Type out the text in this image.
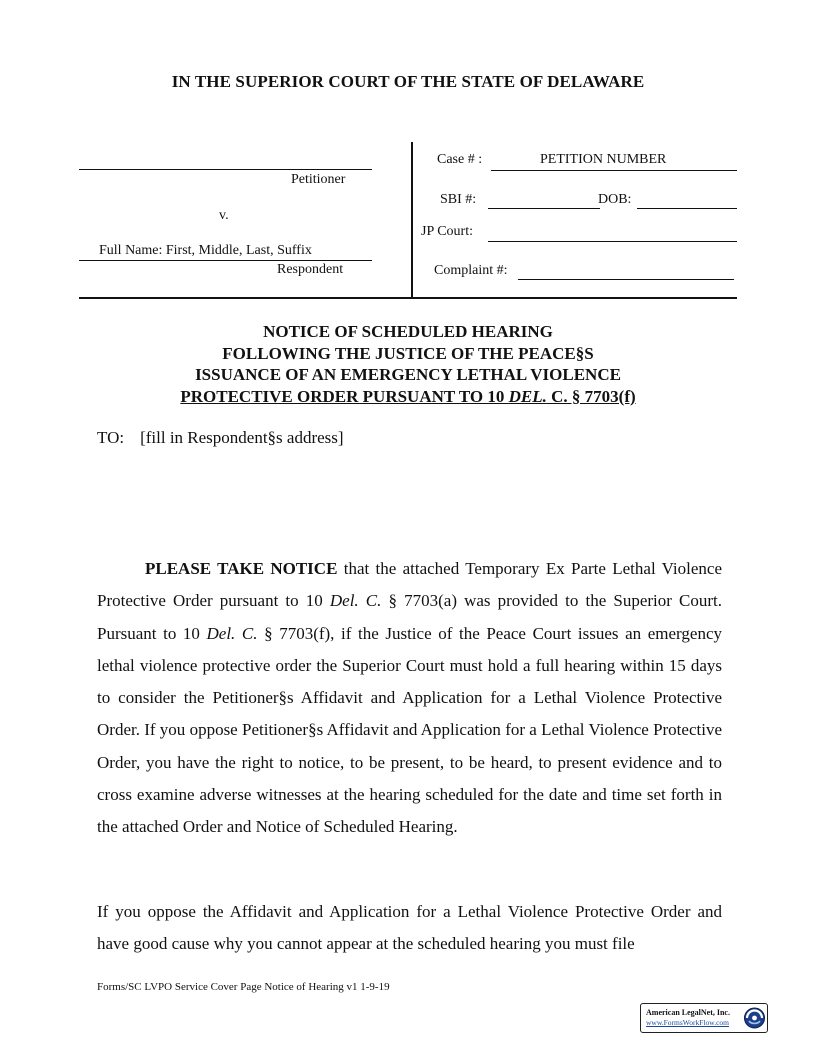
IN THE SUPERIOR COURT OF THE STATE OF DELAWARE
Petitioner
v.
Full Name: First, Middle, Last, Suffix
Respondent
Case # :	PETITION NUMBER
SBI #:	DOB:
JP Court:
Complaint #:
NOTICE OF SCHEDULED HEARING
FOLLOWING THE JUSTICE OF THE PEACE§S
ISSUANCE OF AN EMERGENCY LETHAL VIOLENCE
PROTECTIVE ORDER PURSUANT TO 10 DEL. C. § 7703(f)
TO: [fill in Respondent§s address]
PLEASE TAKE NOTICE that the attached Temporary Ex Parte Lethal Violence Protective Order pursuant to 10 Del. C. § 7703(a) was provided to the Superior Court. Pursuant to 10 Del. C. § 7703(f), if the Justice of the Peace Court issues an emergency lethal violence protective order the Superior Court must hold a full hearing within 15 days to consider the Petitioner§s Affidavit and Application for a Lethal Violence Protective Order. If you oppose Petitioner§s Affidavit and Application for a Lethal Violence Protective Order, you have the right to notice, to be present, to be heard, to present evidence and to cross examine adverse witnesses at the hearing scheduled for the date and time set forth in the attached Order and Notice of Scheduled Hearing.
If you oppose the Affidavit and Application for a Lethal Violence Protective Order and have good cause why you cannot appear at the scheduled hearing you must file
Forms/SC LVPO Service Cover Page Notice of Hearing v1 1-9-19
American LegalNet, Inc.
www.FormsWorkFlow.com
